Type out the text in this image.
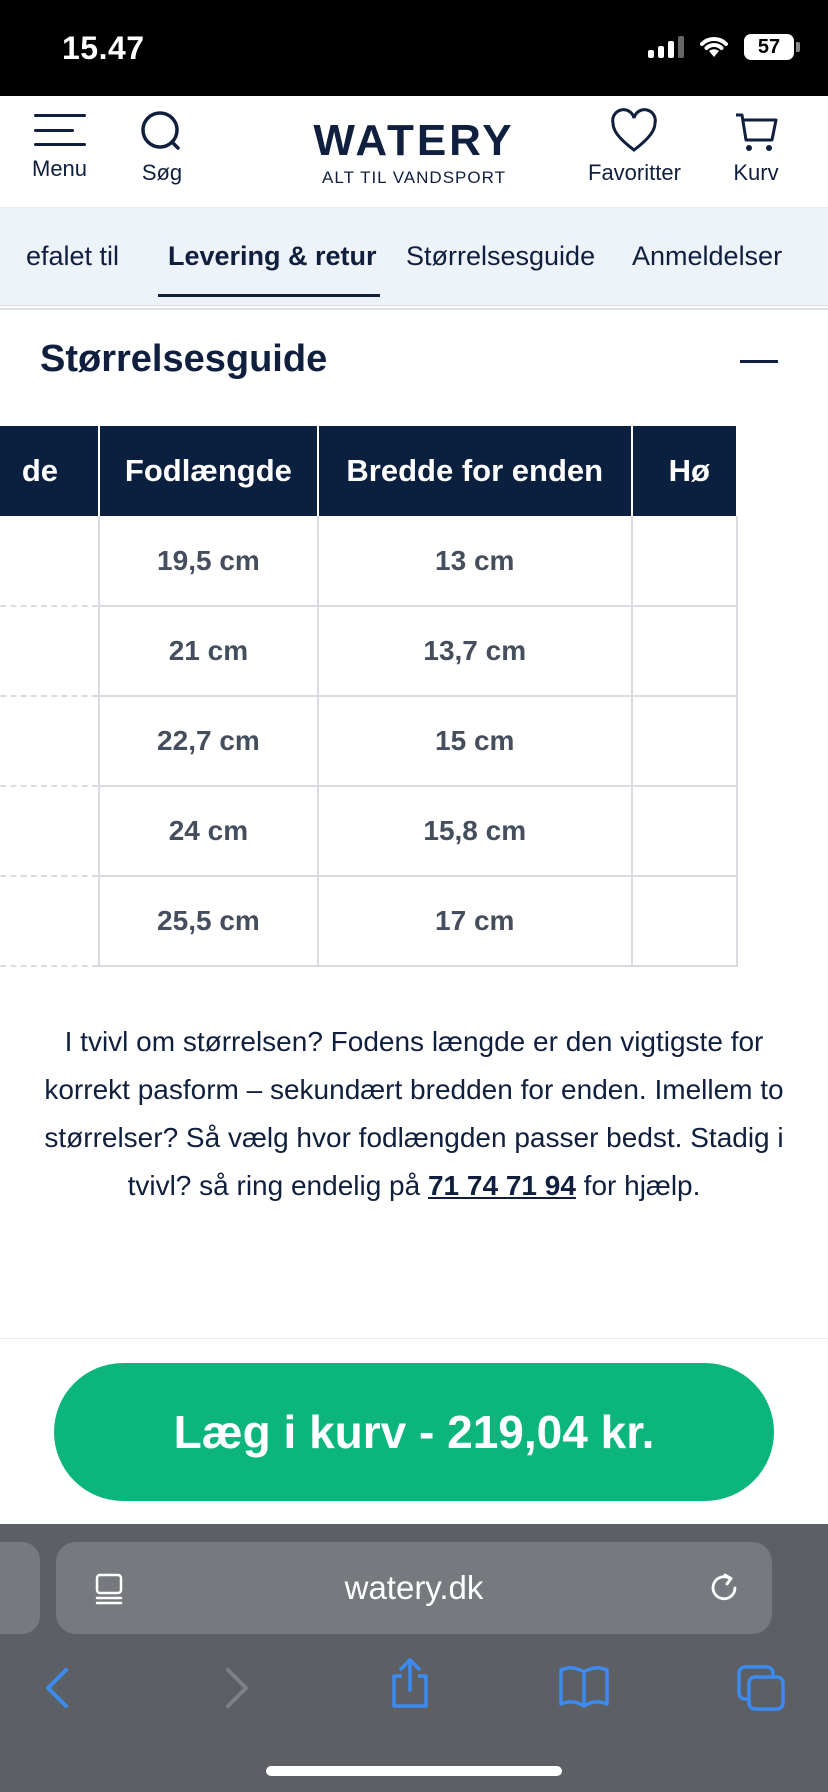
15.47	57
Menu Søg
WATERY
ALT TIL VANDSPORT	Favoritter Kurv
efalet til Levering & retur Størrelsesguide Anmeldelser
Størrelsesguide
de	Fodlængde	Bredde for enden	Hø
	19,5 cm	13 cm	
	21 cm	13,7 cm	
	22,7 cm	15 cm	
	24 cm	15,8 cm	
	25,5 cm	17 cm	

I tvivl om størrelsen? Fodens længde er den vigtigste for korrekt pasform – sekundært bredden for enden. Imellem to størrelser? Så vælg hvor fodlængden passer bedst. Stadig i tvivl? så ring endelig på 71 74 71 94 for hjælp.

Læg i kurv - 219,04 kr.
watery.dk
